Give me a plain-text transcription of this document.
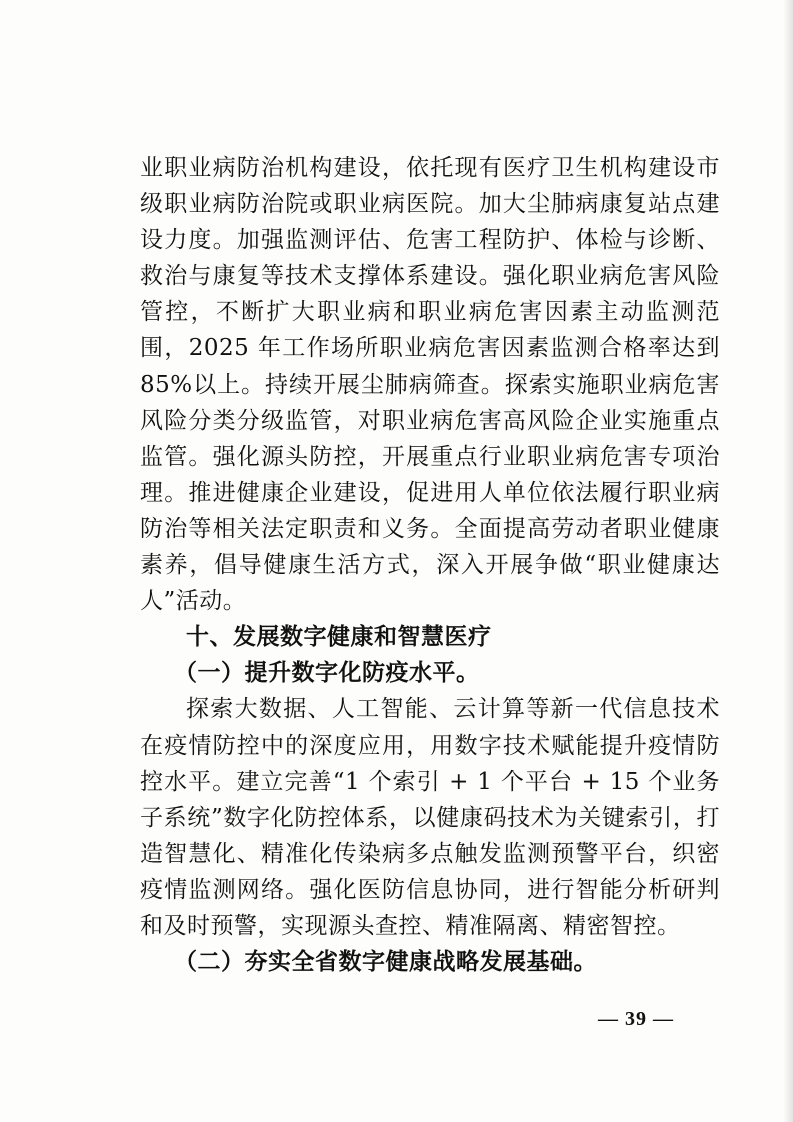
业职业病防治机构建设，依托现有医疗卫生机构建设市级职业病防治院或职业病医院。加大尘肺病康复站点建设力度。加强监测评估、危害工程防护、体检与诊断、救治与康复等技术支撑体系建设。强化职业病危害风险管控，不断扩大职业病和职业病危害因素主动监测范围，2025 年工作场所职业病危害因素监测合格率达到 85%以上。持续开展尘肺病筛查。探索实施职业病危害风险分类分级监管，对职业病危害高风险企业实施重点监管。强化源头防控，开展重点行业职业病危害专项治理。推进健康企业建设，促进用人单位依法履行职业病防治等相关法定职责和义务。全面提高劳动者职业健康素养，倡导健康生活方式，深入开展争做“职业健康达人”活动。

十、发展数字健康和智慧医疗

（一）提升数字化防疫水平。

探索大数据、人工智能、云计算等新一代信息技术在疫情防控中的深度应用，用数字技术赋能提升疫情防控水平。建立完善“1 个索引 + 1 个平台 + 15 个业务子系统”数字化防控体系，以健康码技术为关键索引，打造智慧化、精准化传染病多点触发监测预警平台，织密疫情监测网络。强化医防信息协同，进行智能分析研判和及时预警，实现源头查控、精准隔离、精密智控。

（二）夯实全省数字健康战略发展基础。

— 39 —
